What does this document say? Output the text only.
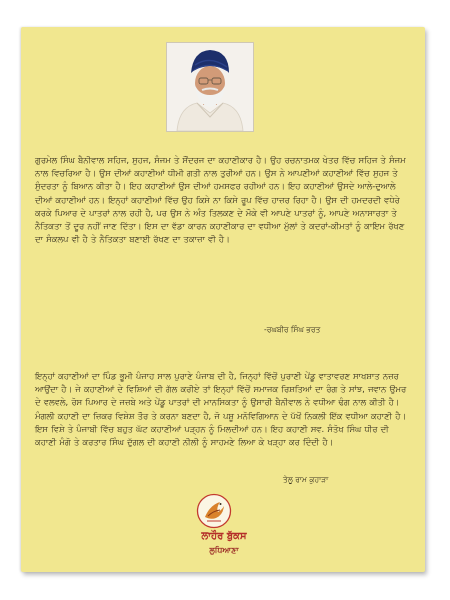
ਗੁਰਮੇਲ ਸਿੰਘ ਬੈਨੀਵਾਲ ਸਹਿਜ, ਸੁਹਜ, ਸੰਜਮ ਤੇ ਸੌਂਦਰਜ ਦਾ ਕਹਾਣੀਕਾਰ ਹੈ। ਉਹ ਰਚਨਾਤਮਕ ਖੇਤਰ ਵਿੱਚ ਸਹਿਜ ਤੇ ਸੰਜਮ ਨਾਲ ਵਿਚਰਿਆ ਹੈ। ਉਸ ਦੀਆਂ ਕਹਾਣੀਆਂ ਧੀਮੀ ਗਤੀ ਨਾਲ ਤੁਰੀਆਂ ਹਨ। ਉਸ ਨੇ ਆਪਣੀਆਂ ਕਹਾਣੀਆਂ ਵਿੱਚ ਸੁਹਜ ਤੇ ਸੁੰਦਰਤਾ ਨੂੰ ਬਿਆਨ ਕੀਤਾ ਹੈ। ਇਹ ਕਹਾਣੀਆਂ ਉਸ ਦੀਆਂ ਹਮਸਫਰ ਰਹੀਆਂ ਹਨ। ਇਹ ਕਹਾਣੀਆਂ ਉਸਦੇ ਆਲੇ-ਦੁਆਲੇ ਦੀਆਂ ਕਹਾਣੀਆਂ ਹਨ। ਇਨ੍ਹਾਂ ਕਹਾਣੀਆਂ ਵਿੱਚ ਉਹ ਕਿਸੇ ਨਾ ਕਿਸੇ ਰੂਪ ਵਿੱਚ ਹਾਜ਼ਰ ਰਿਹਾ ਹੈ। ਉਸ ਦੀ ਹਮਦਰਦੀ ਵਧੇਰੇ ਕਰਕੇ ਪਿਆਰ ਦੇ ਪਾਤਰਾਂ ਨਾਲ ਰਹੀ ਹੈ, ਪਰ ਉਸ ਨੇ ਅੰਤ ਤਿਲਕਣ ਦੇ ਮੌਕੇ ਵੀ ਆਪਣੇ ਪਾਤਰਾਂ ਨੂੰ, ਆਪਣੇ ਅਨਾਸਾਰਤਾ ਤੇ ਨੈਤਿਕਤਾ ਤੋਂ ਦੂਰ ਨਹੀਂ ਜਾਣ ਦਿੱਤਾ। ਇਸ ਦਾ ਵੱਡਾ ਕਾਰਨ ਕਹਾਣੀਕਾਰ ਦਾ ਵਧੀਆ ਮੁੱਲਾਂ ਤੇ ਕਦਰਾਂ-ਕੀਮਤਾਂ ਨੂੰ ਕਾਇਮ ਰੱਖਣ ਦਾ ਸੰਕਲਪ ਵੀ ਹੈ ਤੇ ਨੈਤਿਕਤਾ ਬਣਾਈ ਰੱਖਣ ਦਾ ਤਕਾਜ਼ਾ ਵੀ ਹੈ।

-ਰਘਬੀਰ ਸਿੰਘ ਭਰਤ

ਇਨ੍ਹਾਂ ਕਹਾਣੀਆਂ ਦਾ ਪਿੰਡ ਭੂਮੀ ਪੰਜਾਹ ਸਾਲ ਪੁਰਾਣੇ ਪੰਜਾਬ ਦੀ ਹੈ, ਜਿਨ੍ਹਾਂ ਵਿੱਚੋਂ ਪੁਰਾਣੀ ਪੇਂਡੂ ਵਾਤਾਵਰਣ ਸਾਖਸ਼ਾਤ ਨਜ਼ਰ ਆਉਂਦਾ ਹੈ। ਜੇ ਕਹਾਣੀਆਂ ਦੇ ਵਿਸ਼ਿਆਂ ਦੀ ਗੱਲ ਕਰੀਏ ਤਾਂ ਇਨ੍ਹਾਂ ਵਿੱਚੋਂ ਸਮਾਜਕ ਰਿਸ਼ਤਿਆਂ ਦਾ ਰੰਗ ਤੇ ਸਾਂਝ, ਜਵਾਨ ਉਮਰ ਦੇ ਵਲਵਲੇ, ਰੋਸ ਪਿਆਰ ਦੇ ਜਜ਼ਬੇ ਅਤੇ ਪੇਂਡੂ ਪਾਤਰਾਂ ਦੀ ਮਾਨਸਿਕਤਾ ਨੂੰ ਉਸਾਰੀ ਬੈਨੀਵਾਲ ਨੇ ਵਧੀਆ ਢੰਗ ਨਾਲ ਕੀਤੀ ਹੈ। ਮੰਗਲੀ ਕਹਾਣੀ ਦਾ ਜ਼ਿਕਰ ਵਿਸ਼ੇਸ਼ ਤੌਰ ਤੇ ਕਰਨਾ ਬਣਦਾ ਹੈ, ਜੋ ਪਸ਼ੂ ਮਨੋਵਿਗਿਆਨ ਦੇ ਪੱਖੋਂ ਨਿਕਲੀ ਇੱਕ ਵਧੀਆ ਕਹਾਣੀ ਹੈ। ਇਸ ਵਿਸ਼ੇ ਤੇ ਪੰਜਾਬੀ ਵਿੱਚ ਬਹੁਤ ਘੱਟ ਕਹਾਣੀਆਂ ਪੜ੍ਹਨ ਨੂੰ ਮਿਲਦੀਆਂ ਹਨ। ਇਹ ਕਹਾਣੀ ਸਵ. ਸੰਤੋਖ ਸਿੰਘ ਧੀਰ ਦੀ ਕਹਾਣੀ ਮੰਗੋ ਤੇ ਕਰਤਾਰ ਸਿੰਘ ਦੁੱਗਲ ਦੀ ਕਹਾਣੀ ਨੀਲੀ ਨੂੰ ਸਾਹਮਣੇ ਲਿਆ ਕੇ ਖੜ੍ਹਾ ਕਰ ਦਿੰਦੀ ਹੈ।

ਤੇਲੂ ਰਾਮ ਕੁਹਾੜਾ
ਲਾਹੌਰ ਬੁੱਕਸ
ਲੁਧਿਆਣਾ
